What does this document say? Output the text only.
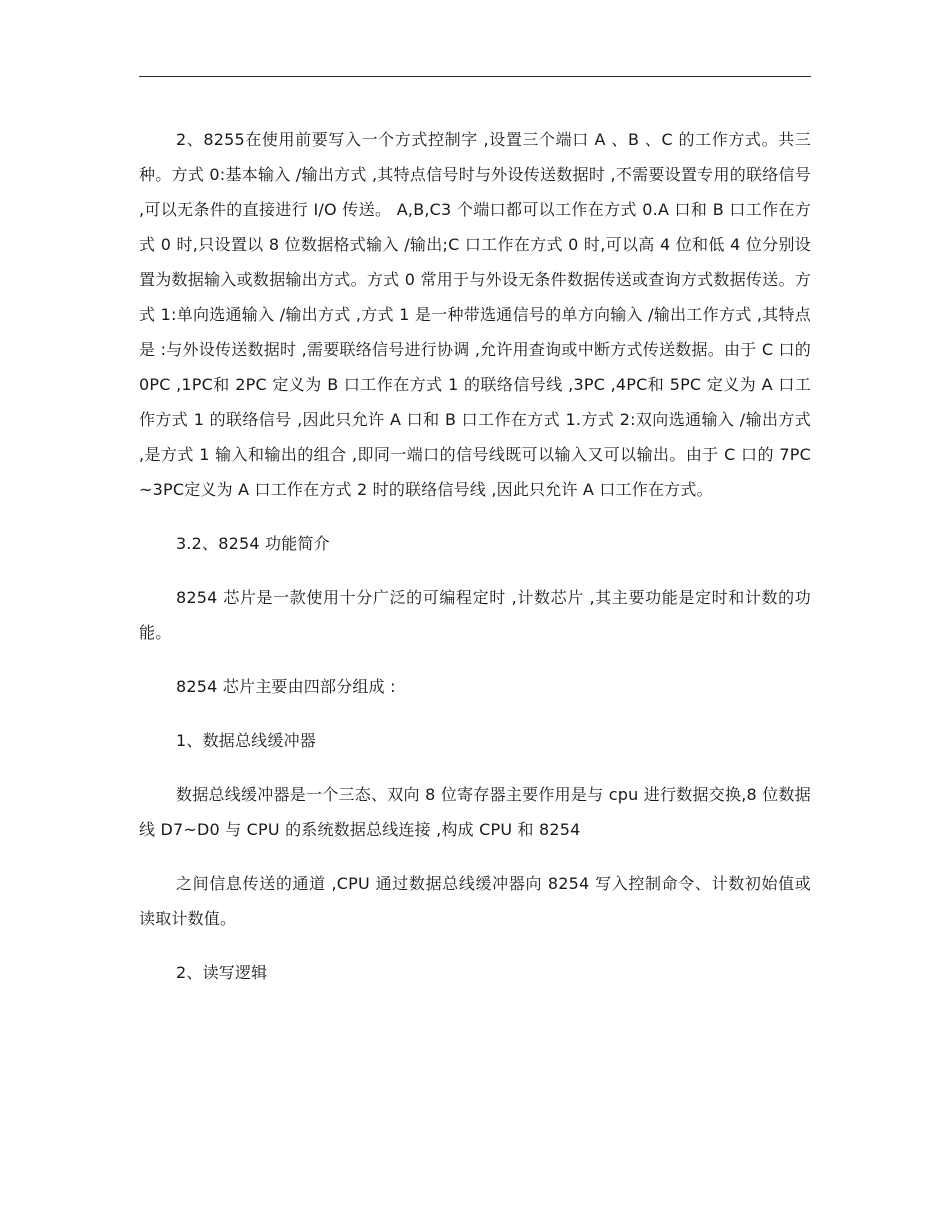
2、8255在使用前要写入一个方式控制字 ,设置三个端口 A 、B 、C 的工作方式。共三种。方式 0:基本输入 /输出方式 ,其特点信号时与外设传送数据时 ,不需要设置专用的联络信号 ,可以无条件的直接进行 I/O 传送。 A,B,C3 个端口都可以工作在方式 0.A 口和 B 口工作在方式 0 时,只设置以 8 位数据格式输入 /输出;C 口工作在方式 0 时,可以高 4 位和低 4 位分别设置为数据输入或数据输出方式。方式 0 常用于与外设无条件数据传送或查询方式数据传送。方式 1:单向选通输入 /输出方式 ,方式 1 是一种带选通信号的单方向输入 /输出工作方式 ,其特点是 :与外设传送数据时 ,需要联络信号进行协调 ,允许用查询或中断方式传送数据。由于 C 口的 0PC ,1PC和 2PC 定义为 B 口工作在方式 1 的联络信号线 ,3PC ,4PC和 5PC 定义为 A 口工作方式 1 的联络信号 ,因此只允许 A 口和 B 口工作在方式 1.方式 2:双向选通输入 /输出方式 ,是方式 1 输入和输出的组合 ,即同一端口的信号线既可以输入又可以输出。由于 C 口的 7PC ~3PC定义为 A 口工作在方式 2 时的联络信号线 ,因此只允许 A 口工作在方式。

3.2、8254 功能简介

8254 芯片是一款使用十分广泛的可编程定时 ,计数芯片 ,其主要功能是定时和计数的功能。

8254 芯片主要由四部分组成 :

1、数据总线缓冲器

数据总线缓冲器是一个三态、双向 8 位寄存器主要作用是与 cpu 进行数据交换,8 位数据线 D7~D0 与 CPU 的系统数据总线连接 ,构成 CPU 和 8254

之间信息传送的通道 ,CPU 通过数据总线缓冲器向 8254 写入控制命令、计数初始值或读取计数值。

2、读写逻辑
